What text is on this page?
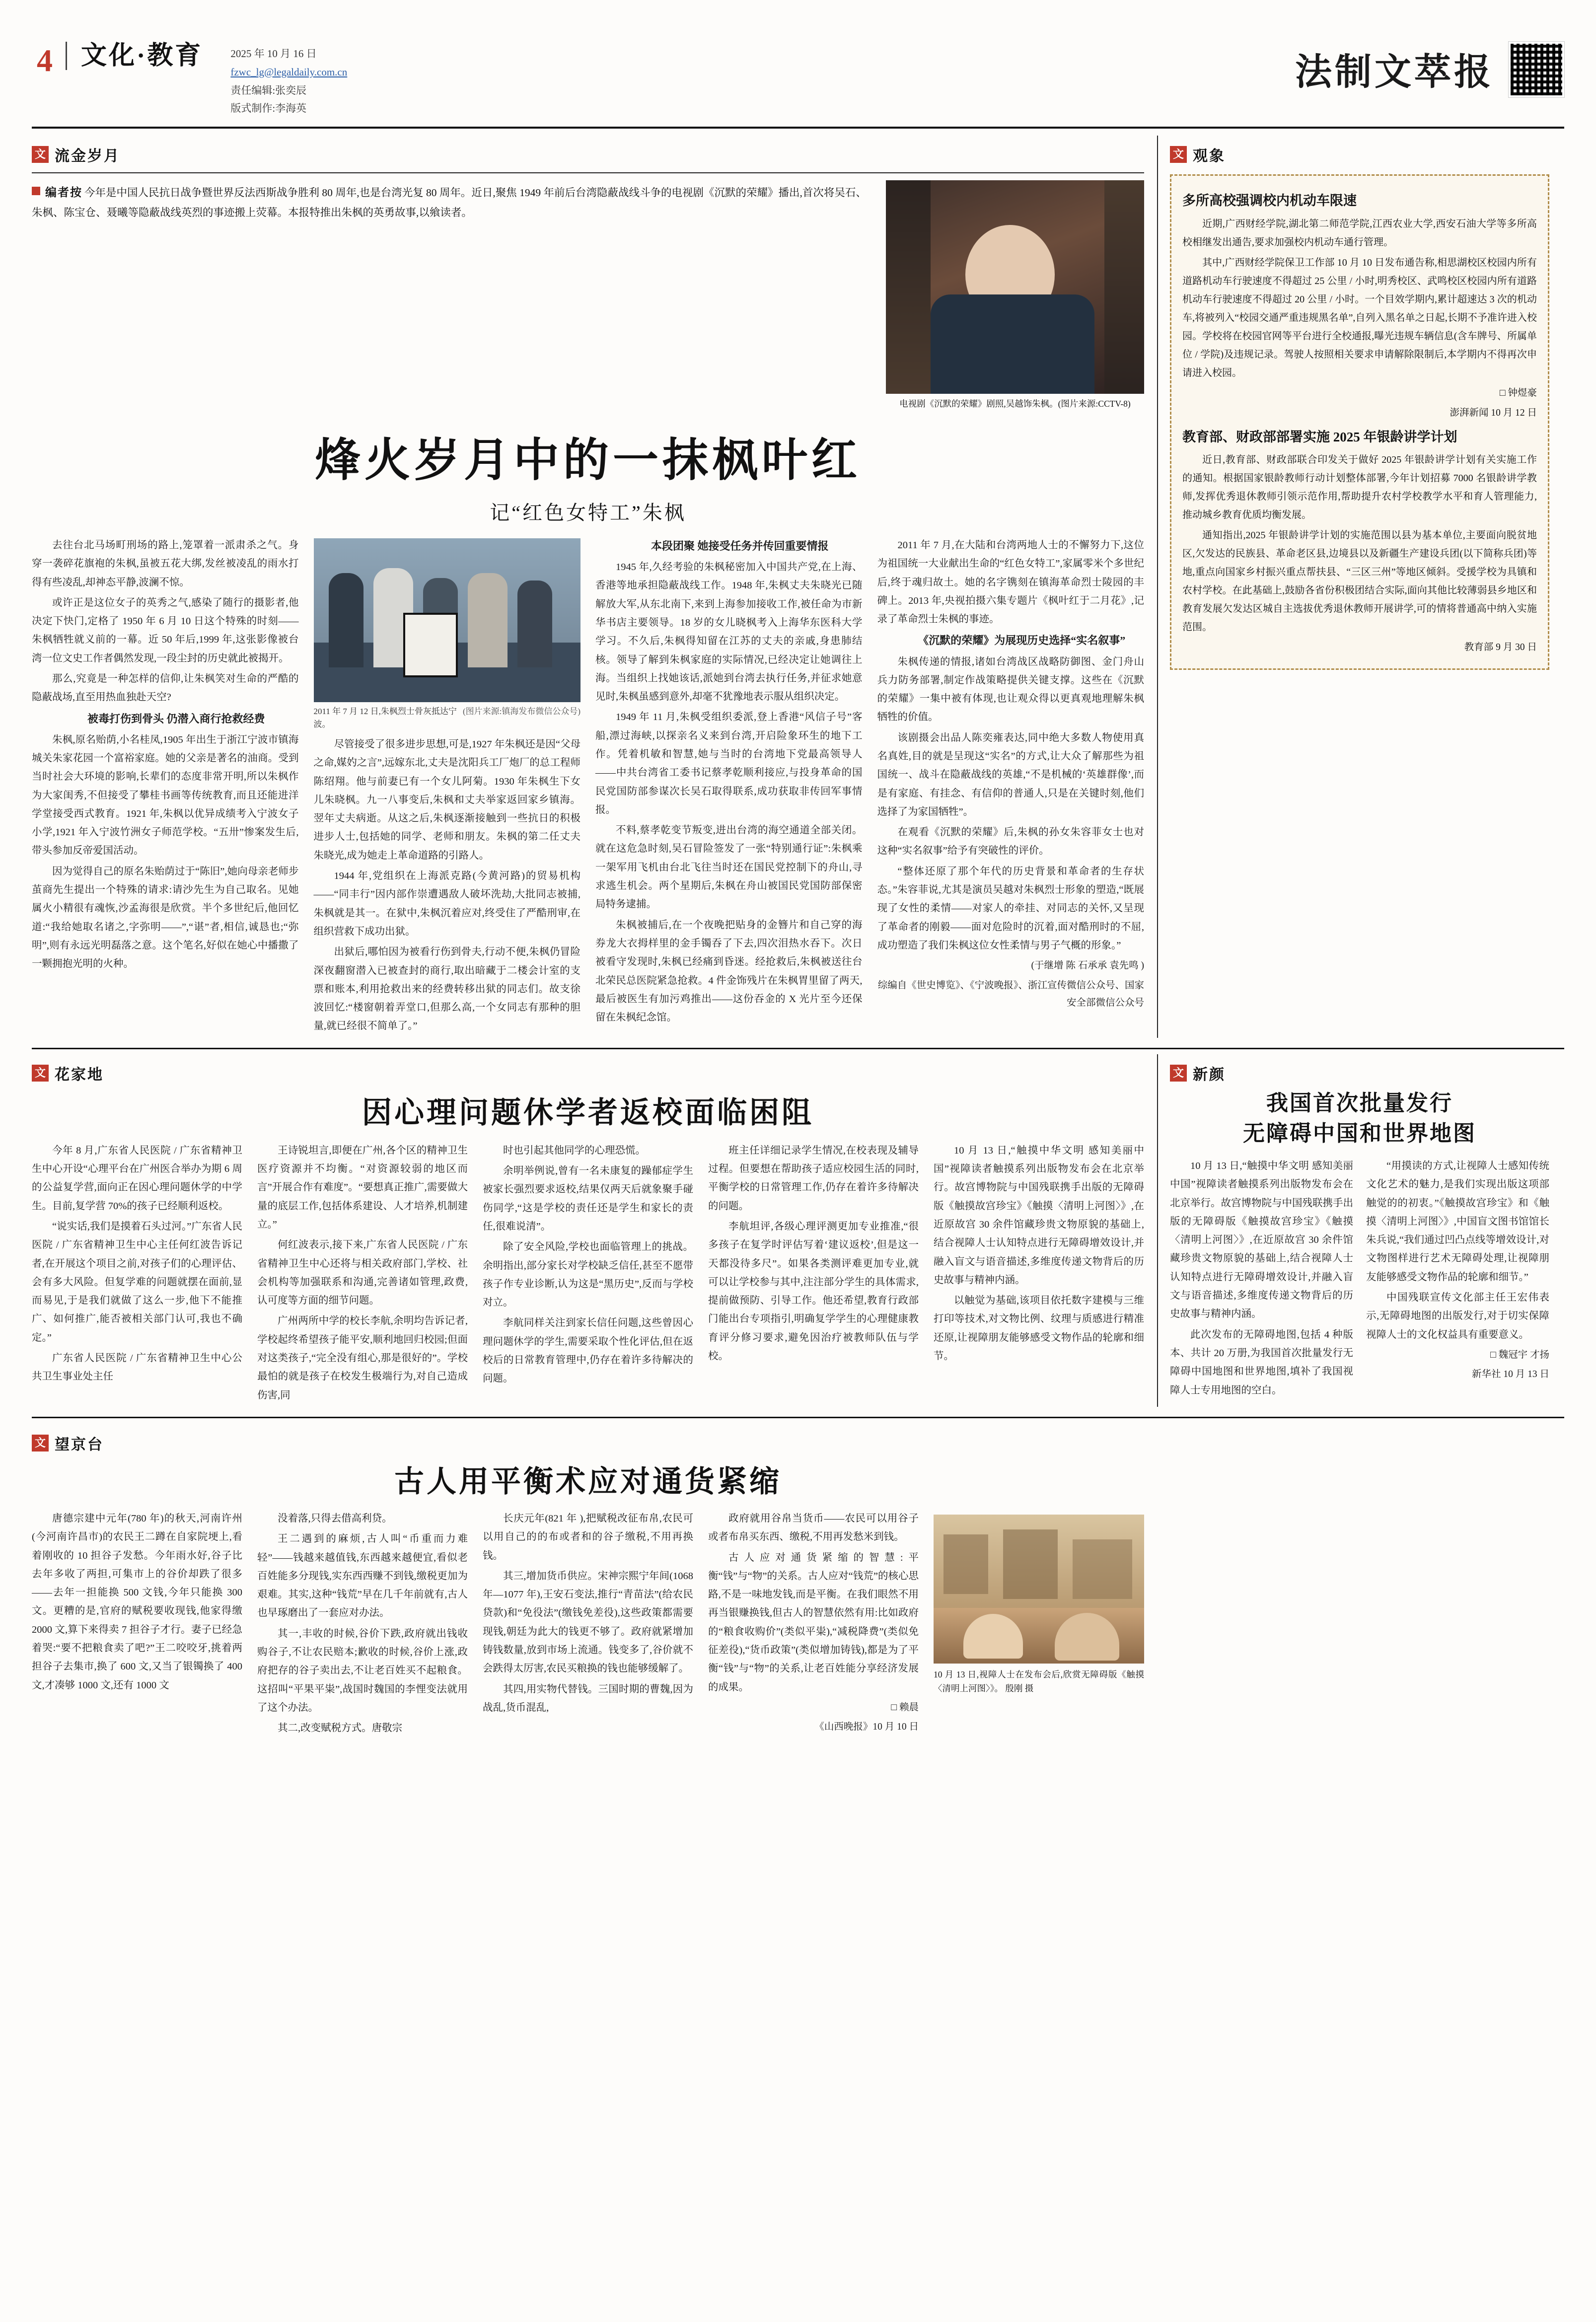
4	文化·教育	2025 年 10 月 16 日
fzwc_lg@legaldaily.com.cn
责任编辑:张奕辰
版式制作:李海英
法制文萃报
文 流金岁月
编者按 今年是中国人民抗日战争暨世界反法西斯战争胜利 80 周年,也是台湾光复 80 周年。近日,聚焦 1949 年前后台湾隐蔽战线斗争的电视剧《沉默的荣耀》播出,首次将吴石、朱枫、陈宝仓、聂曦等隐蔽战线英烈的事迹搬上荧幕。本报特推出朱枫的英勇故事,以飨读者。
电视剧《沉默的荣耀》剧照,吴越饰朱枫。(图片来源:CCTV-8)
烽火岁月中的一抹枫叶红
记“红色女特工”朱枫

去往台北马场町刑场的路上,笼罩着一派肃杀之气。身穿一袭碎花旗袍的朱枫,虽被五花大绑,发丝被凌乱的雨水打得有些凌乱,却神态平静,波澜不惊。

或许正是这位女子的英秀之气,感染了随行的摄影者,他决定下快门,定格了 1950 年 6 月 10 日这个特殊的时刻——朱枫牺牲就义前的一幕。近 50 年后,1999 年,这张影像被台湾一位文史工作者偶然发现,一段尘封的历史就此被揭开。

那么,究竟是一种怎样的信仰,让朱枫笑对生命的严酷的隐蔽战场,直至用热血独赴天空?

被毒打伤到骨头 仍潜入商行抢救经费

朱枫,原名贻荫,小名桂凤,1905 年出生于浙江宁波市镇海城关朱家花园一个富裕家庭。她的父亲是著名的油商。受到当时社会大环境的影响,长辈们的态度非常开明,所以朱枫作为大家闺秀,不但接受了攀桂书画等传统教育,而且还能进洋学堂接受西式教育。1921 年,朱枫以优异成绩考入宁波女子小学,1921 年入宁波竹洲女子师范学校。“五卅”惨案发生后,带头参加反帝爱国活动。

因为觉得自己的原名朱贻荫过于“陈旧”,她向母亲老师步茧商先生提出一个特殊的请求:请沙先生为自己取名。见她属火小精很有魂恢,沙孟海很是欣赏。半个多世纪后,他回忆道:“我给她取名诸之,字弥明——”,“谌”者,相信,诚恳也;“弥明”,则有永远光明磊落之意。这个笔名,好似在她心中播撒了一颗拥抱光明的火种。

2011 年 7 月 12 日,朱枫烈士骨灰抵达宁波。
(图片来源:镇海发布微信公众号)

尽管接受了很多进步思想,可是,1927 年朱枫还是因“父母之命,媒妁之言”,远嫁东北,丈夫是沈阳兵工厂炮厂的总工程师陈绍翔。他与前妻已有一个女儿阿菊。1930 年朱枫生下女儿朱晓枫。九一八事变后,朱枫和丈夫举家返回家乡镇海。翌年丈夫病逝。从这之后,朱枫逐渐接触到一些抗日的积极进步人士,包括她的同学、老师和朋友。朱枫的第二任丈夫朱晓光,成为她走上革命道路的引路人。

1944 年,党组织在上海派克路(今黄河路)的贸易机构——“同丰行”因内部作崇遭遇敌人破坏洗劫,大批同志被捕,朱枫就是其一。在狱中,朱枫沉着应对,终受住了严酷刑审,在组织营救下成功出狱。

出狱后,哪怕因为被看行伤到骨夫,行动不便,朱枫仍冒险深夜翻窗潜入已被查封的商行,取出暗藏于二楼会计室的支票和账本,利用抢救出来的经费转移出狱的同志们。故支徐波回忆:“楼窗朝着弄堂口,但那么高,一个女同志有那种的胆量,就已经很不简单了。”

本段团聚 她接受任务并传回重要情报

1945 年,久经考验的朱枫秘密加入中国共产党,在上海、香港等地承担隐蔽战线工作。1948 年,朱枫丈夫朱晓光已随解放大军,从东北南下,来到上海参加接收工作,被任命为市新华书店主要领导。18 岁的女儿晓枫考入上海华东医科大学学习。不久后,朱枫得知留在江苏的丈夫的亲戚,身患肺结核。领导了解到朱枫家庭的实际情况,已经决定让她调往上海。当组织上找她该话,派她到台湾去执行任务,并征求她意见时,朱枫虽感到意外,却毫不犹豫地表示服从组织决定。

1949 年 11 月,朱枫受组织委派,登上香港“风信子号”客船,漂过海峡,以探亲名义来到台湾,开启险象环生的地下工作。凭着机敏和智慧,她与当时的台湾地下党最高领导人——中共台湾省工委书记蔡孝乾顺利接应,与投身革命的国民党国防部参谋次长吴石取得联系,成功获取非传回军事情报。

不料,蔡孝乾变节叛变,进出台湾的海空通道全部关闭。就在这危急时刻,吴石冒险签发了一张“特别通行证”:朱枫乘一架军用飞机由台北飞往当时还在国民党控制下的舟山,寻求逃生机会。两个星期后,朱枫在舟山被国民党国防部保密局特务逮捕。

朱枫被捕后,在一个夜晚把贴身的金簪片和自己穿的海券龙大衣拇样里的金手镯吞了下去,四次泪热水吞下。次日被看守发现时,朱枫已经痛到昏迷。经抢救后,朱枫被送往台北荣民总医院紧急抢救。4 件金饰残片在朱枫胃里留了两天,最后被医生有加污鸡推出——这份吞金的 X 光片至今还保留在朱枫纪念馆。

2011 年 7 月,在大陆和台湾两地人士的不懈努力下,这位为祖国统一大业献出生命的“红色女特工”,家属零米个多世纪后,终于魂归故土。她的名字镌刻在镇海革命烈士陵园的丰碑上。2013 年,央视拍摄六集专题片《枫叶红于二月花》,记录了革命烈士朱枫的事迹。

《沉默的荣耀》为展现历史选择“实名叙事”

朱枫传递的情报,诸如台湾战区战略防御图、金门舟山兵力防务部署,制定作战策略提供关键支撑。这些在《沉默的荣耀》一集中被有体现,也让观众得以更真观地理解朱枫牺牲的价值。

该剧摄会出品人陈奕雍表达,同中绝大多数人物使用真名真姓,目的就是呈现这“实名”的方式,让大众了解那些为祖国统一、战斗在隐蔽战线的英雄,“不是机械的‘英雄群像’,而是有家庭、有挂念、有信仰的普通人,只是在关键时刻,他们选择了为家国牺牲”。

在观看《沉默的荣耀》后,朱枫的孙女朱容菲女士也对这种“实名叙事”给予有突破性的评价。

“整体还原了那个年代的历史背景和革命者的生存状态。”朱容菲说,尤其是演员吴越对朱枫烈士形象的塑造,“既展现了女性的柔情——对家人的牵挂、对同志的关怀,又呈现了革命者的刚毅——面对危险时的沉着,面对酷刑时的不屈,成功塑造了我们朱枫这位女性柔情与男子气概的形象。”

(于继增 陈 石承承 袁先鸣 )

综编自《世史博览》、《宁波晚报》、浙江宣传微信公众号、国家安全部微信公众号

文 观象
多所高校强调校内机动车限速

近期,广西财经学院,湖北第二师范学院,江西农业大学,西安石油大学等多所高校相继发出通告,要求加强校内机动车通行管理。

其中,广西财经学院保卫工作部 10 月 10 日发布通告称,相思湖校区校园内所有道路机动车行驶速度不得超过 25 公里 / 小时,明秀校区、武鸣校区校园内所有道路机动车行驶速度不得超过 20 公里 / 小时。一个目效学期内,累计超速达 3 次的机动车,将被列入“校园交通严重违规黑名单”,自列入黑名单之日起,长期不予准许进入校园。学校将在校园官网等平台进行全校通报,曝光违规车辆信息(含车牌号、所属单位 / 学院)及违规记录。驾驶人按照相关要求申请解除限制后,本学期内不得再次申请进入校园。

□ 钟煜豪

澎湃新闻 10 月 12 日

教育部、财政部部署实施 2025 年银龄讲学计划

近日,教育部、财政部联合印发关于做好 2025 年银龄讲学计划有关实施工作的通知。根据国家银龄教师行动计划整体部署,今年计划招募 7000 名银龄讲学教师,发挥优秀退休教师引领示范作用,帮助提升农村学校教学水平和育人管理能力,推动城乡教育优质均衡发展。

通知指出,2025 年银龄讲学计划的实施范围以县为基本单位,主要面向脱贫地区,欠发达的民族县、革命老区县,边境县以及新疆生产建设兵团(以下简称兵团)等地,重点向国家乡村振兴重点帮扶县、“三区三州”等地区倾斜。受援学校为具镇和农村学校。在此基础上,鼓励各省份积极团结合实际,面向其他比较薄弱县乡地区和教育发展欠发达区城自主选拔优秀退休教师开展讲学,可的情将普通高中纳入实施范围。

教育部 9 月 30 日

文 花家地
因心理问题休学者返校面临困阻

今年 8 月,广东省人民医院 / 广东省精神卫生中心开设“心理平台在广州医合举办为期 6 周的公益复学营,面向正在因心理问题休学的中学生。目前,复学营 70%的孩子已经顺利返校。

“说实话,我们是摸着石头过河。”广东省人民医院 / 广东省精神卫生中心主任何红波告诉记者,在开展这个项目之前,对孩子们的心理评估、会有多大风险。但复学难的问题就摆在面前,显而易见,于是我们就做了这么一步,他下不能推广、如何推广,能否被相关部门认可,我也不确定。”

广东省人民医院 / 广东省精神卫生中心公共卫生事业处主任

王诗锐坦言,即便在广州,各个区的精神卫生医疗资源并不均衡。“对资源较弱的地区而言”开展合作有难度”。“要想真正推广,需要做大量的底层工作,包括体系建设、人才培养,机制建立。”

何红波表示,接下来,广东省人民医院 / 广东省精神卫生中心还将与相关政府部门,学校、社会机构等加强联系和沟通,完善诸如管理,政费,认可度等方面的细节问题。

广州两所中学的校长李航,余明均告诉记者,学校起终希望孩子能平安,顺利地回归校园;但面对这类孩子,“完全没有组心,那是很好的”。学校最怕的就是孩子在校发生极端行为,对自己造成伤害,同

时也引起其他同学的心理恐慌。

余明举例说,曾有一名未康复的躁郁症学生被家长强烈要求返校,结果仅两天后就象聚手碰伤同学,“这是学校的责任还是学生和家长的责任,很难说清”。

除了安全风险,学校也面临管理上的挑战。余明指出,部分家长对学校缺乏信任,甚至不愿带孩子作专业诊断,认为这是“黑历史”,反而与学校对立。

李航同样关注到家长信任问题,这些曾因心理问题休学的学生,需要采取个性化评估,但在返校后的日常教育管理中,仍存在着许多待解决的问题。

班主任详细记录学生情况,在校表现及辅导过程。但要想在帮助孩子适应校园生活的同时,平衡学校的日常管理工作,仍存在着许多待解决的问题。

李航坦评,各级心理评测更加专业推准,“很多孩子在复学时评估写着‘建议返校’,但是这一天都没待多尺”。如果各类测评难更加专业,就可以让学校参与其中,注注部分学生的具体需求,提前做预防、引导工作。他还希望,教育行政部门能出台专项指引,明确复学学生的心理健康教育评分修习要求,避免因治疗被教师队伍与学校。

10 月 13 日,“触摸中华文明 感知美丽中国”视障读者触摸系列出版物发布会在北京举行。故宫博物院与中国残联携手出版的无障碍版《触摸故宫珍宝》《触摸〈清明上河图〉》,在近原故宫 30 余件馆藏珍贵文物原貌的基础上,结合视障人士认知特点进行无障碍增效设计,并融入盲文与语音描述,多维度传递文物背后的历史故事与精神内涵。

以触觉为基础,该项目依托数字建模与三维打印等技术,对文物比例、纹理与质感进行精准还原,让视障朋友能够感受文物作品的轮廓和细节。

文 新颜
我国首次批量发行
无障碍中国和世界地图

10 月 13 日,“触摸中华文明 感知美丽中国”视障读者触摸系列出版物发布会在北京举行。故宫博物院与中国残联携手出版的无障碍版《触摸故宫珍宝》《触摸〈清明上河图〉》,在近原故宫 30 余件馆藏珍贵文物原貌的基础上,结合视障人士认知特点进行无障碍增效设计,并融入盲文与语音描述,多维度传递文物背后的历史故事与精神内涵。

此次发布的无障碍地图,包括 4 种版本、共计 20 万册,为我国首次批量发行无障碍中国地图和世界地图,填补了我国视障人士专用地图的空白。

“用摸读的方式,让视障人士感知传统文化艺术的魅力,是我们实现出版这项部触觉的的初衷。”《触摸故宫珍宝》和《触摸〈清明上河图〉》,中国盲文图书馆馆长朱兵说,“我们通过凹凸点线等增效设计,对文物图样进行艺术无障碍处理,让视障朋友能够感受文物作品的轮廓和细节。”

中国残联宣传文化部主任王宏伟表示,无障碍地图的出版发行,对于切实保障视障人士的文化权益具有重要意义。

□ 魏冠宇 才扬

新华社 10 月 13 日

文 望京台
古人用平衡术应对通货紧缩

唐德宗建中元年(780 年)的秋天,河南许州(今河南许昌市)的农民王二蹲在自家院埂上,看着刚收的 10 担谷子发愁。今年雨水好,谷子比去年多收了两担,可集市上的谷价却跌了很多——去年一担能换 500 文钱,今年只能换 300 文。更糟的是,官府的赋税要收现钱,他家得缴 2000 文,算下来得卖 7 担谷子才行。妻子已经急着哭:“要不把粮食卖了吧?”王二咬咬牙,挑着两担谷子去集市,换了 600 文,又当了银镯换了 400 文,才凑够 1000 文,还有 1000 文

没着落,只得去借高利贷。

王二遇到的麻烦,古人叫“币重而力难轻”——钱越来越值钱,东西越来越便宜,看似老百姓能多分现钱,实东西西赚不到钱,缴税更加为艰难。其实,这种“钱荒”早在几千年前就有,古人也早琢磨出了一套应对办法。

其一,丰收的时候,谷价下跌,政府就出钱收购谷子,不让农民赔本;歉收的时候,谷价上涨,政府把存的谷子卖出去,不让老百姓买不起粮食。这招叫“平果平粜”,战国时魏国的李悝变法就用了这个办法。

其二,改变赋税方式。唐敬宗

长庆元年(821 年 ),把赋税改征布帛,农民可以用自己的的布或者和的谷子缴税,不用再换钱。

其三,增加货币供应。宋神宗熙宁年间(1068 年—1077 年),王安石变法,推行“青苗法”(给农民贷款)和“免役法”(缴钱免差役),这些政策都需要现钱,朝廷为此大的钱更不够了。政府就紧增加铸钱数量,放到市场上流通。钱变多了,谷价就不会跌得太厉害,农民买粮换的钱也能够缓解了。

其四,用实物代替钱。三国时期的曹魏,因为战乱,货币混乱,

政府就用谷帛当货币——农民可以用谷子或者布帛买东西、缴税,不用再发愁米到钱。

古人应对通货紧缩的智慧:平衡“钱”与“物”的关系。古人应对“钱荒”的核心思路,不是一味地发钱,而是平衡。在我们眼然不用再当银赚换钱,但古人的智慧依然有用:比如政府的“粮食收购价”(类似平粜),“减税降费”(类似免征差役),“货币政策”(类似增加铸钱),都是为了平衡“钱”与“物”的关系,让老百姓能分享经济发展的成果。

□ 赖晨

《山西晚报》10 月 10 日

10 月 13 日,视障人士在发布会后,欣赏无障碍版《触摸〈清明上河图〉》。 殷刚 摄
